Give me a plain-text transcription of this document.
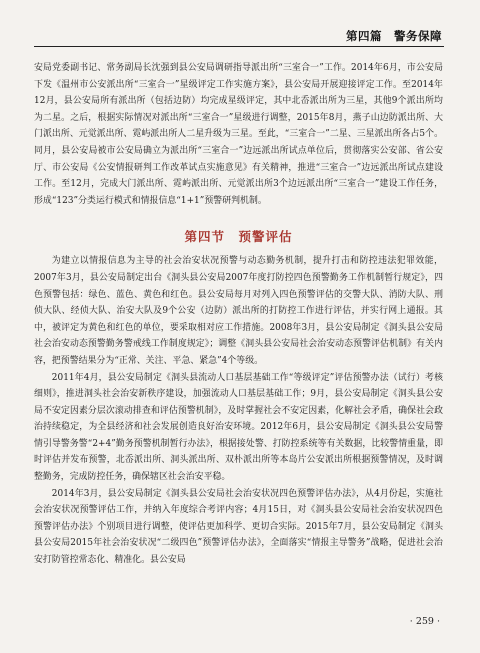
第四篇　警务保障

安局党委副书记、常务副局长沈强到县公安局调研指导派出所“三室合一”工作。2014年6月，市公安局下发《温州市公安派出所“三室合一”星级评定工作实施方案》，县公安局开展迎接评定工作。至2014年12月，县公安局所有派出所（包括边防）均完成星级评定，其中北岙派出所为三星，其他9个派出所均为二星。之后，根据实际情况对派出所“三室合一”星级进行调整，2015年8月，燕子山边防派出所、大门派出所、元觉派出所、霓屿派出所人二星升级为三星。至此，“三室合一”二星、三星派出所各占5个。同月，县公安局被市公安局确立为派出所“三室合一”边远派出所试点单位后，贯彻落实公安部、省公安厅、市公安局《公安情报研判工作改革试点实施意见》有关精神，推进“三室合一”边远派出所试点建设工作。至12月，完成大门派出所、霓屿派出所、元觉派出所3个边远派出所“三室合一”建设工作任务，形成“123”分类运行模式和情报信息“1+1”预警研判机制。

第四节　预警评估

为建立以情报信息为主导的社会治安状况预警与动态勤务机制，提升打击和防控违法犯罪效能，2007年3月，县公安局制定出台《洞头县公安局2007年度打防控四色预警勤务工作机制暂行规定》，四色预警包括：绿色、蓝色、黄色和红色。县公安局每月对列入四色预警评估的交警大队、消防大队、刑侦大队、经侦大队、治安大队及9个公安（边防）派出所的打防控工作进行评估，并实行网上通报。其中，被评定为黄色和红色的单位，要采取相对应工作措施。2008年3月，县公安局制定《洞头县公安局社会治安动态预警勤务警戒线工作制度规定》；调整《洞头县公安局社会治安动态预警评估机制》有关内容，把预警结果分为“正常、关注、平急、紧急”4个等级。

2011年4月，县公安局制定《洞头县流动人口基层基础工作“等级评定”评估预警办法（试行）考核细则》，推进洞头社会治安新秩序建设，加强流动人口基层基础工作；9月，县公安局制定《洞头县公安局不安定因素分层次滚动排查和评估预警机制》，及时掌握社会不安定因素，化解社会矛盾，确保社会政治持续稳定，为全县经济和社会发展创造良好治安环境。2012年6月，县公安局制定《洞头县公安局警情引导警务警“2+4”勤务预警机制暂行办法》，根据接处警、打防控系统等有关数据，比较警情重量，即时评估并发布预警，北岙派出所、洞头派出所、双朴派出所等本岛片公安派出所根据预警情况，及时调整勤务，完成防控任务，确保辖区社会治安平稳。

2014年3月，县公安局制定《洞头县公安局社会治安状况四色预警评估办法》，从4月份起，实施社会治安状况预警评估工作，并纳入年度综合考评内容；4月15日，对《洞头县公安局社会治安状况四色预警评估办法》个别项目进行调整，使评估更加科学、更切合实际。2015年7月，县公安局制定《洞头县公安局2015年社会治安状况“二级四色”预警评估办法》，全面落实“情报主导警务”战略，促进社会治安打防管控常态化、精准化。县公安局

· 259 ·
